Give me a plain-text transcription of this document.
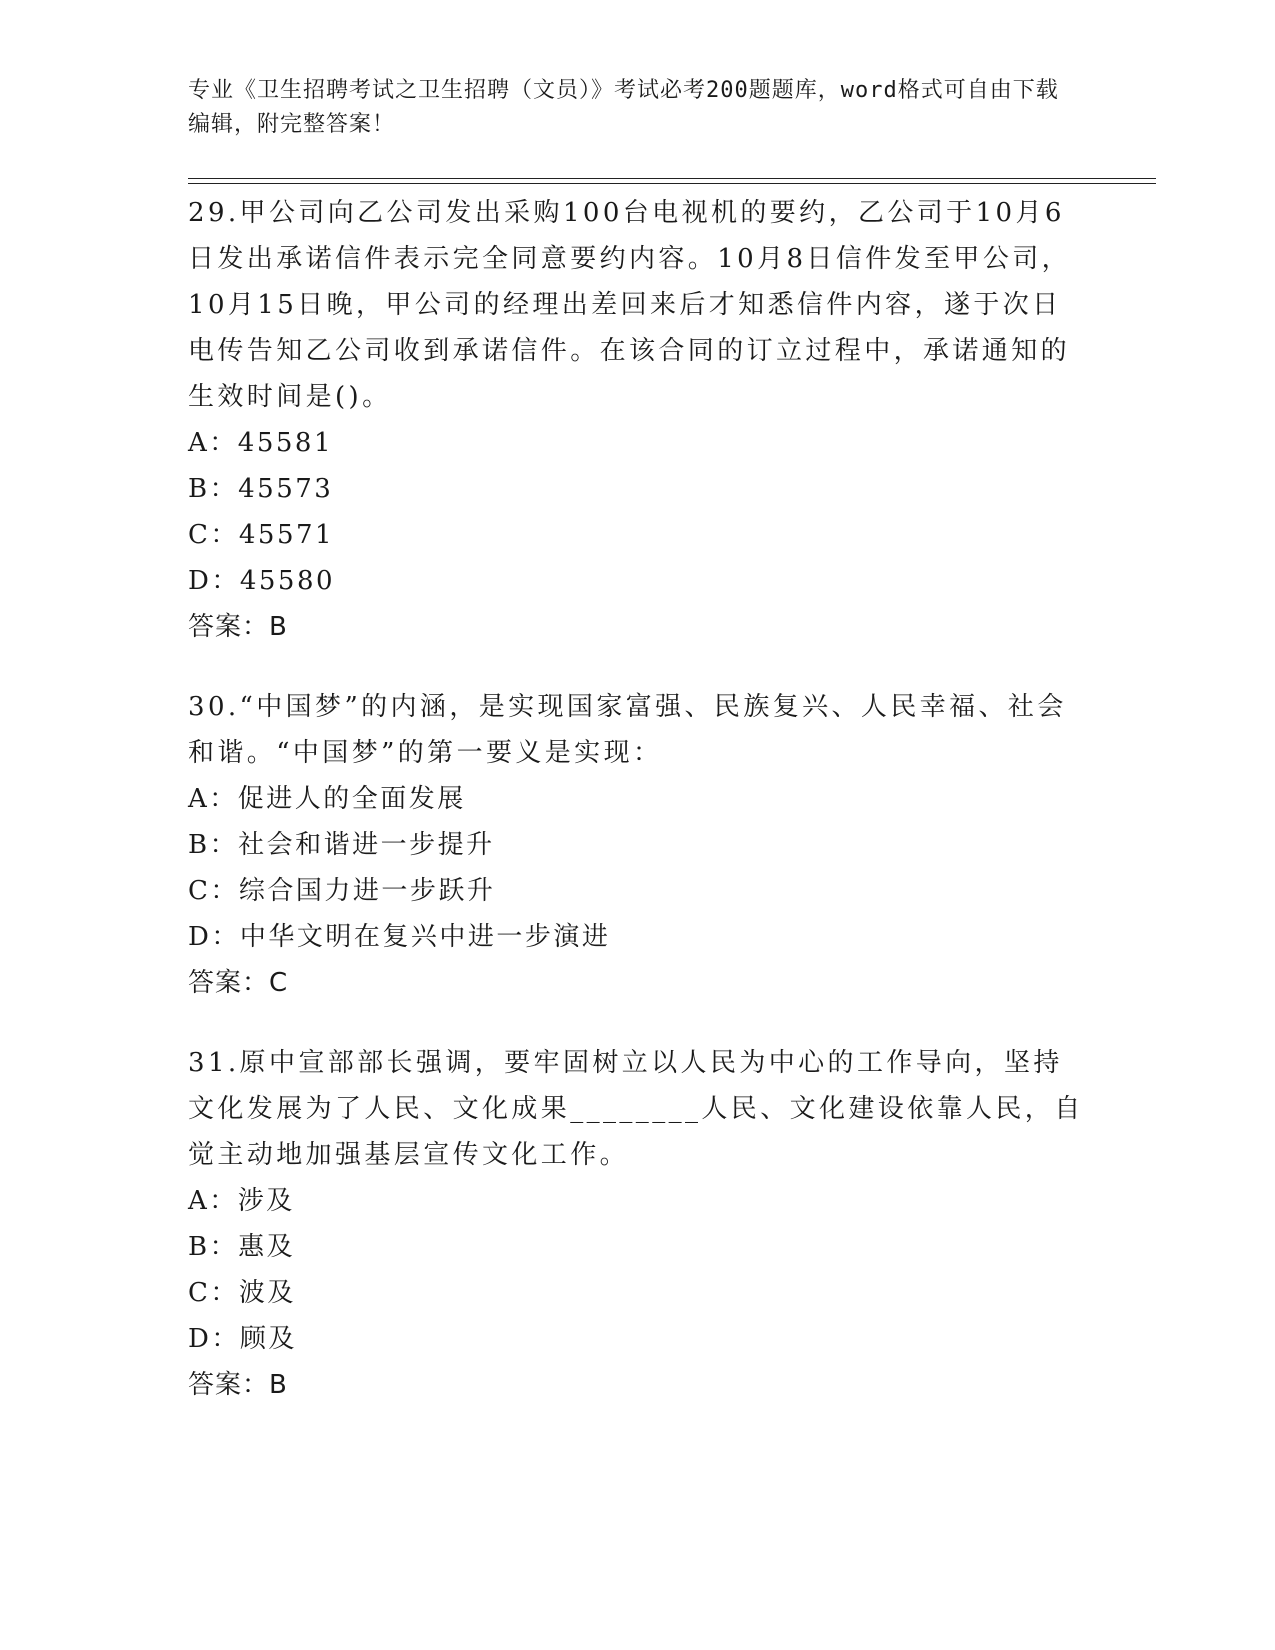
专业《卫生招聘考试之卫生招聘（文员）》考试必考200题题库，word格式可自由下载编辑，附完整答案！

29.甲公司向乙公司发出采购100台电视机的要约，乙公司于10月6日发出承诺信件表示完全同意要约内容。10月8日信件发至甲公司，10月15日晚，甲公司的经理出差回来后才知悉信件内容，遂于次日电传告知乙公司收到承诺信件。在该合同的订立过程中，承诺通知的生效时间是()。

A：45581

B：45573

C：45571

D：45580

答案：B

30.“中国梦”的内涵，是实现国家富强、民族复兴、人民幸福、社会和谐。“中国梦”的第一要义是实现：

A：促进人的全面发展

B：社会和谐进一步提升

C：综合国力进一步跃升

D：中华文明在复兴中进一步演进

答案：C

31.原中宣部部长强调，要牢固树立以人民为中心的工作导向，坚持文化发展为了人民、文化成果________人民、文化建设依靠人民，自觉主动地加强基层宣传文化工作。

A：涉及

B：惠及

C：波及

D：顾及

答案：B
